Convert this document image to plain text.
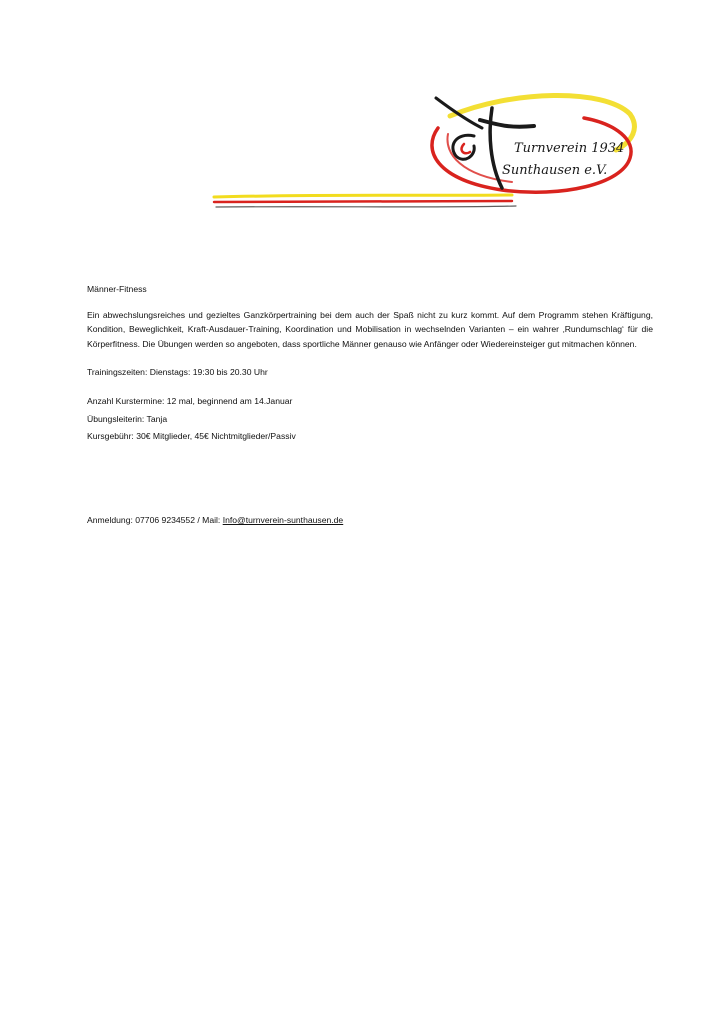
Turnverein 1934
Sunthausen e.V.

Männer-Fitness

Ein abwechslungsreiches und gezieltes Ganzkörpertraining bei dem auch der Spaß nicht zu kurz kommt. Auf dem Programm stehen Kräftigung, Kondition, Beweglichkeit, Kraft-Ausdauer-Training, Koordination und Mobilisation in wechselnden Varianten – ein wahrer ‚Rundumschlag‘ für die Körperfitness. Die Übungen werden so angeboten, dass sportliche Männer genauso wie Anfänger oder Wiedereinsteiger gut mitmachen können.

Trainingszeiten: Dienstags: 19:30 bis 20.30 Uhr

Anzahl Kurstermine: 12 mal, beginnend am 14.Januar

Übungsleiterin: Tanja

Kursgebühr: 30€ Mitglieder, 45€ Nichtmitglieder/Passiv

Anmeldung: 07706 9234552 / Mail: Info@turnverein-sunthausen.de
